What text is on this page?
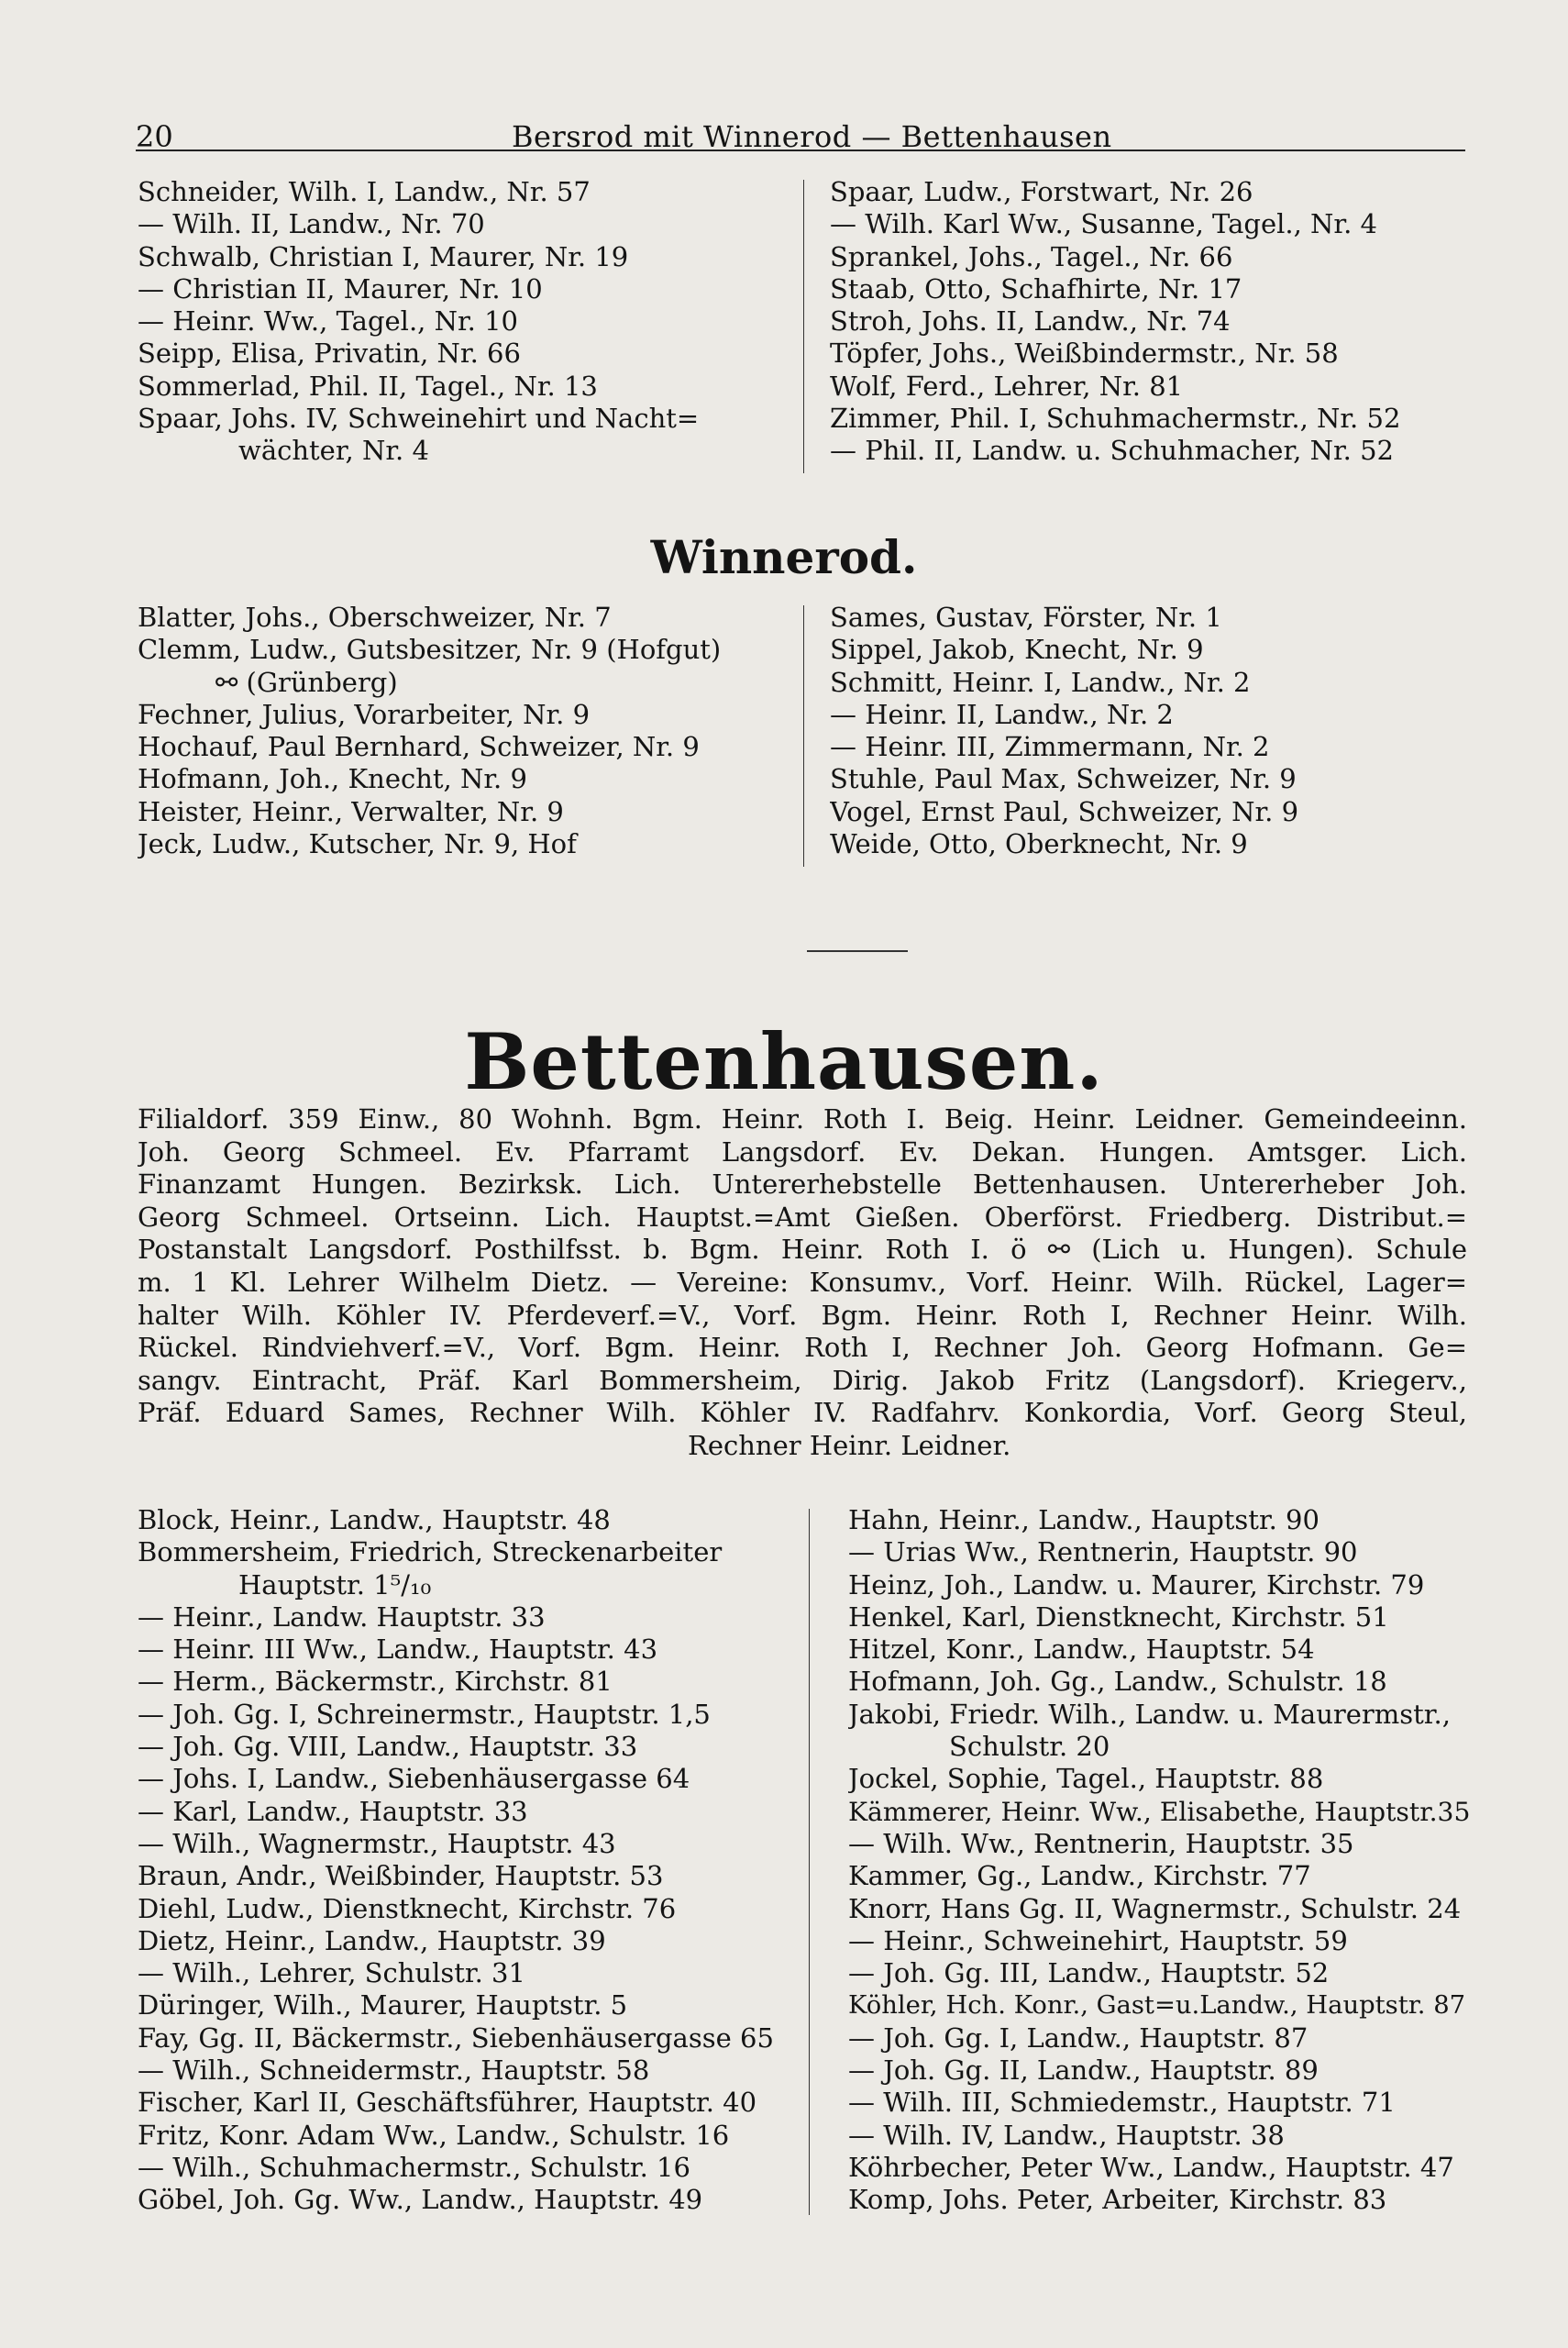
20	Bersrod mit Winnerod — Bettenhausen
Schneider, Wilh. I, Landw., Nr. 57
— Wilh. II, Landw., Nr. 70
Schwalb, Christian I, Maurer, Nr. 19
— Christian II, Maurer, Nr. 10
— Heinr. Ww., Tagel., Nr. 10
Seipp, Elisa, Privatin, Nr. 66
Sommerlad, Phil. II, Tagel., Nr. 13
Spaar, Johs. IV, Schweinehirt und Nacht=
wächter, Nr. 4
Spaar, Ludw., Forstwart, Nr. 26
— Wilh. Karl Ww., Susanne, Tagel., Nr. 4
Sprankel, Johs., Tagel., Nr. 66
Staab, Otto, Schafhirte, Nr. 17
Stroh, Johs. II, Landw., Nr. 74
Töpfer, Johs., Weißbindermstr., Nr. 58
Wolf, Ferd., Lehrer, Nr. 81
Zimmer, Phil. I, Schuhmachermstr., Nr. 52
— Phil. II, Landw. u. Schuhmacher, Nr. 52
Winnerod.
Blatter, Johs., Oberschweizer, Nr. 7
Clemm, Ludw., Gutsbesitzer, Nr. 9 (Hofgut)
⚯ (Grünberg)
Fechner, Julius, Vorarbeiter, Nr. 9
Hochauf, Paul Bernhard, Schweizer, Nr. 9
Hofmann, Joh., Knecht, Nr. 9
Heister, Heinr., Verwalter, Nr. 9
Jeck, Ludw., Kutscher, Nr. 9, Hof
Sames, Gustav, Förster, Nr. 1
Sippel, Jakob, Knecht, Nr. 9
Schmitt, Heinr. I, Landw., Nr. 2
— Heinr. II, Landw., Nr. 2
— Heinr. III, Zimmermann, Nr. 2
Stuhle, Paul Max, Schweizer, Nr. 9
Vogel, Ernst Paul, Schweizer, Nr. 9
Weide, Otto, Oberknecht, Nr. 9
Bettenhausen.
Filialdorf. 359 Einw., 80 Wohnh. Bgm. Heinr. Roth I. Beig. Heinr. Leidner. Gemeindeeinn.
Joh. Georg Schmeel. Ev. Pfarramt Langsdorf. Ev. Dekan. Hungen. Amtsger. Lich.
Finanzamt Hungen. Bezirksk. Lich. Untererhebstelle Bettenhausen. Untererheber Joh.
Georg Schmeel. Ortseinn. Lich. Hauptst.=Amt Gießen. Oberförst. Friedberg. Distribut.=
Postanstalt Langsdorf. Posthilfsst. b. Bgm. Heinr. Roth I. ö ⚯ (Lich u. Hungen). Schule
m. 1 Kl. Lehrer Wilhelm Dietz. — Vereine: Konsumv., Vorf. Heinr. Wilh. Rückel, Lager=
halter Wilh. Köhler IV. Pferdeverf.=V., Vorf. Bgm. Heinr. Roth I, Rechner Heinr. Wilh.
Rückel. Rindviehverf.=V., Vorf. Bgm. Heinr. Roth I, Rechner Joh. Georg Hofmann. Ge=
sangv. Eintracht, Präf. Karl Bommersheim, Dirig. Jakob Fritz (Langsdorf). Kriegerv.,
Präf. Eduard Sames, Rechner Wilh. Köhler IV. Radfahrv. Konkordia, Vorf. Georg Steul,
Rechner Heinr. Leidner.
Block, Heinr., Landw., Hauptstr. 48
Bommersheim, Friedrich, Streckenarbeiter
Hauptstr. 1⁵/₁₀
— Heinr., Landw. Hauptstr. 33
— Heinr. III Ww., Landw., Hauptstr. 43
— Herm., Bäckermstr., Kirchstr. 81
— Joh. Gg. I, Schreinermstr., Hauptstr. 1,5
— Joh. Gg. VIII, Landw., Hauptstr. 33
— Johs. I, Landw., Siebenhäusergasse 64
— Karl, Landw., Hauptstr. 33
— Wilh., Wagnermstr., Hauptstr. 43
Braun, Andr., Weißbinder, Hauptstr. 53
Diehl, Ludw., Dienstknecht, Kirchstr. 76
Dietz, Heinr., Landw., Hauptstr. 39
— Wilh., Lehrer, Schulstr. 31
Düringer, Wilh., Maurer, Hauptstr. 5
Fay, Gg. II, Bäckermstr., Siebenhäusergasse 65
— Wilh., Schneidermstr., Hauptstr. 58
Fischer, Karl II, Geschäftsführer, Hauptstr. 40
Fritz, Konr. Adam Ww., Landw., Schulstr. 16
— Wilh., Schuhmachermstr., Schulstr. 16
Göbel, Joh. Gg. Ww., Landw., Hauptstr. 49
Hahn, Heinr., Landw., Hauptstr. 90
— Urias Ww., Rentnerin, Hauptstr. 90
Heinz, Joh., Landw. u. Maurer, Kirchstr. 79
Henkel, Karl, Dienstknecht, Kirchstr. 51
Hitzel, Konr., Landw., Hauptstr. 54
Hofmann, Joh. Gg., Landw., Schulstr. 18
Jakobi, Friedr. Wilh., Landw. u. Maurermstr.,
Schulstr. 20
Jockel, Sophie, Tagel., Hauptstr. 88
Kämmerer, Heinr. Ww., Elisabethe, Hauptstr.35
— Wilh. Ww., Rentnerin, Hauptstr. 35
Kammer, Gg., Landw., Kirchstr. 77
Knorr, Hans Gg. II, Wagnermstr., Schulstr. 24
— Heinr., Schweinehirt, Hauptstr. 59
— Joh. Gg. III, Landw., Hauptstr. 52
Köhler, Hch. Konr., Gast=u.Landw., Hauptstr. 87
— Joh. Gg. I, Landw., Hauptstr. 87
— Joh. Gg. II, Landw., Hauptstr. 89
— Wilh. III, Schmiedemstr., Hauptstr. 71
— Wilh. IV, Landw., Hauptstr. 38
Köhrbecher, Peter Ww., Landw., Hauptstr. 47
Komp, Johs. Peter, Arbeiter, Kirchstr. 83
